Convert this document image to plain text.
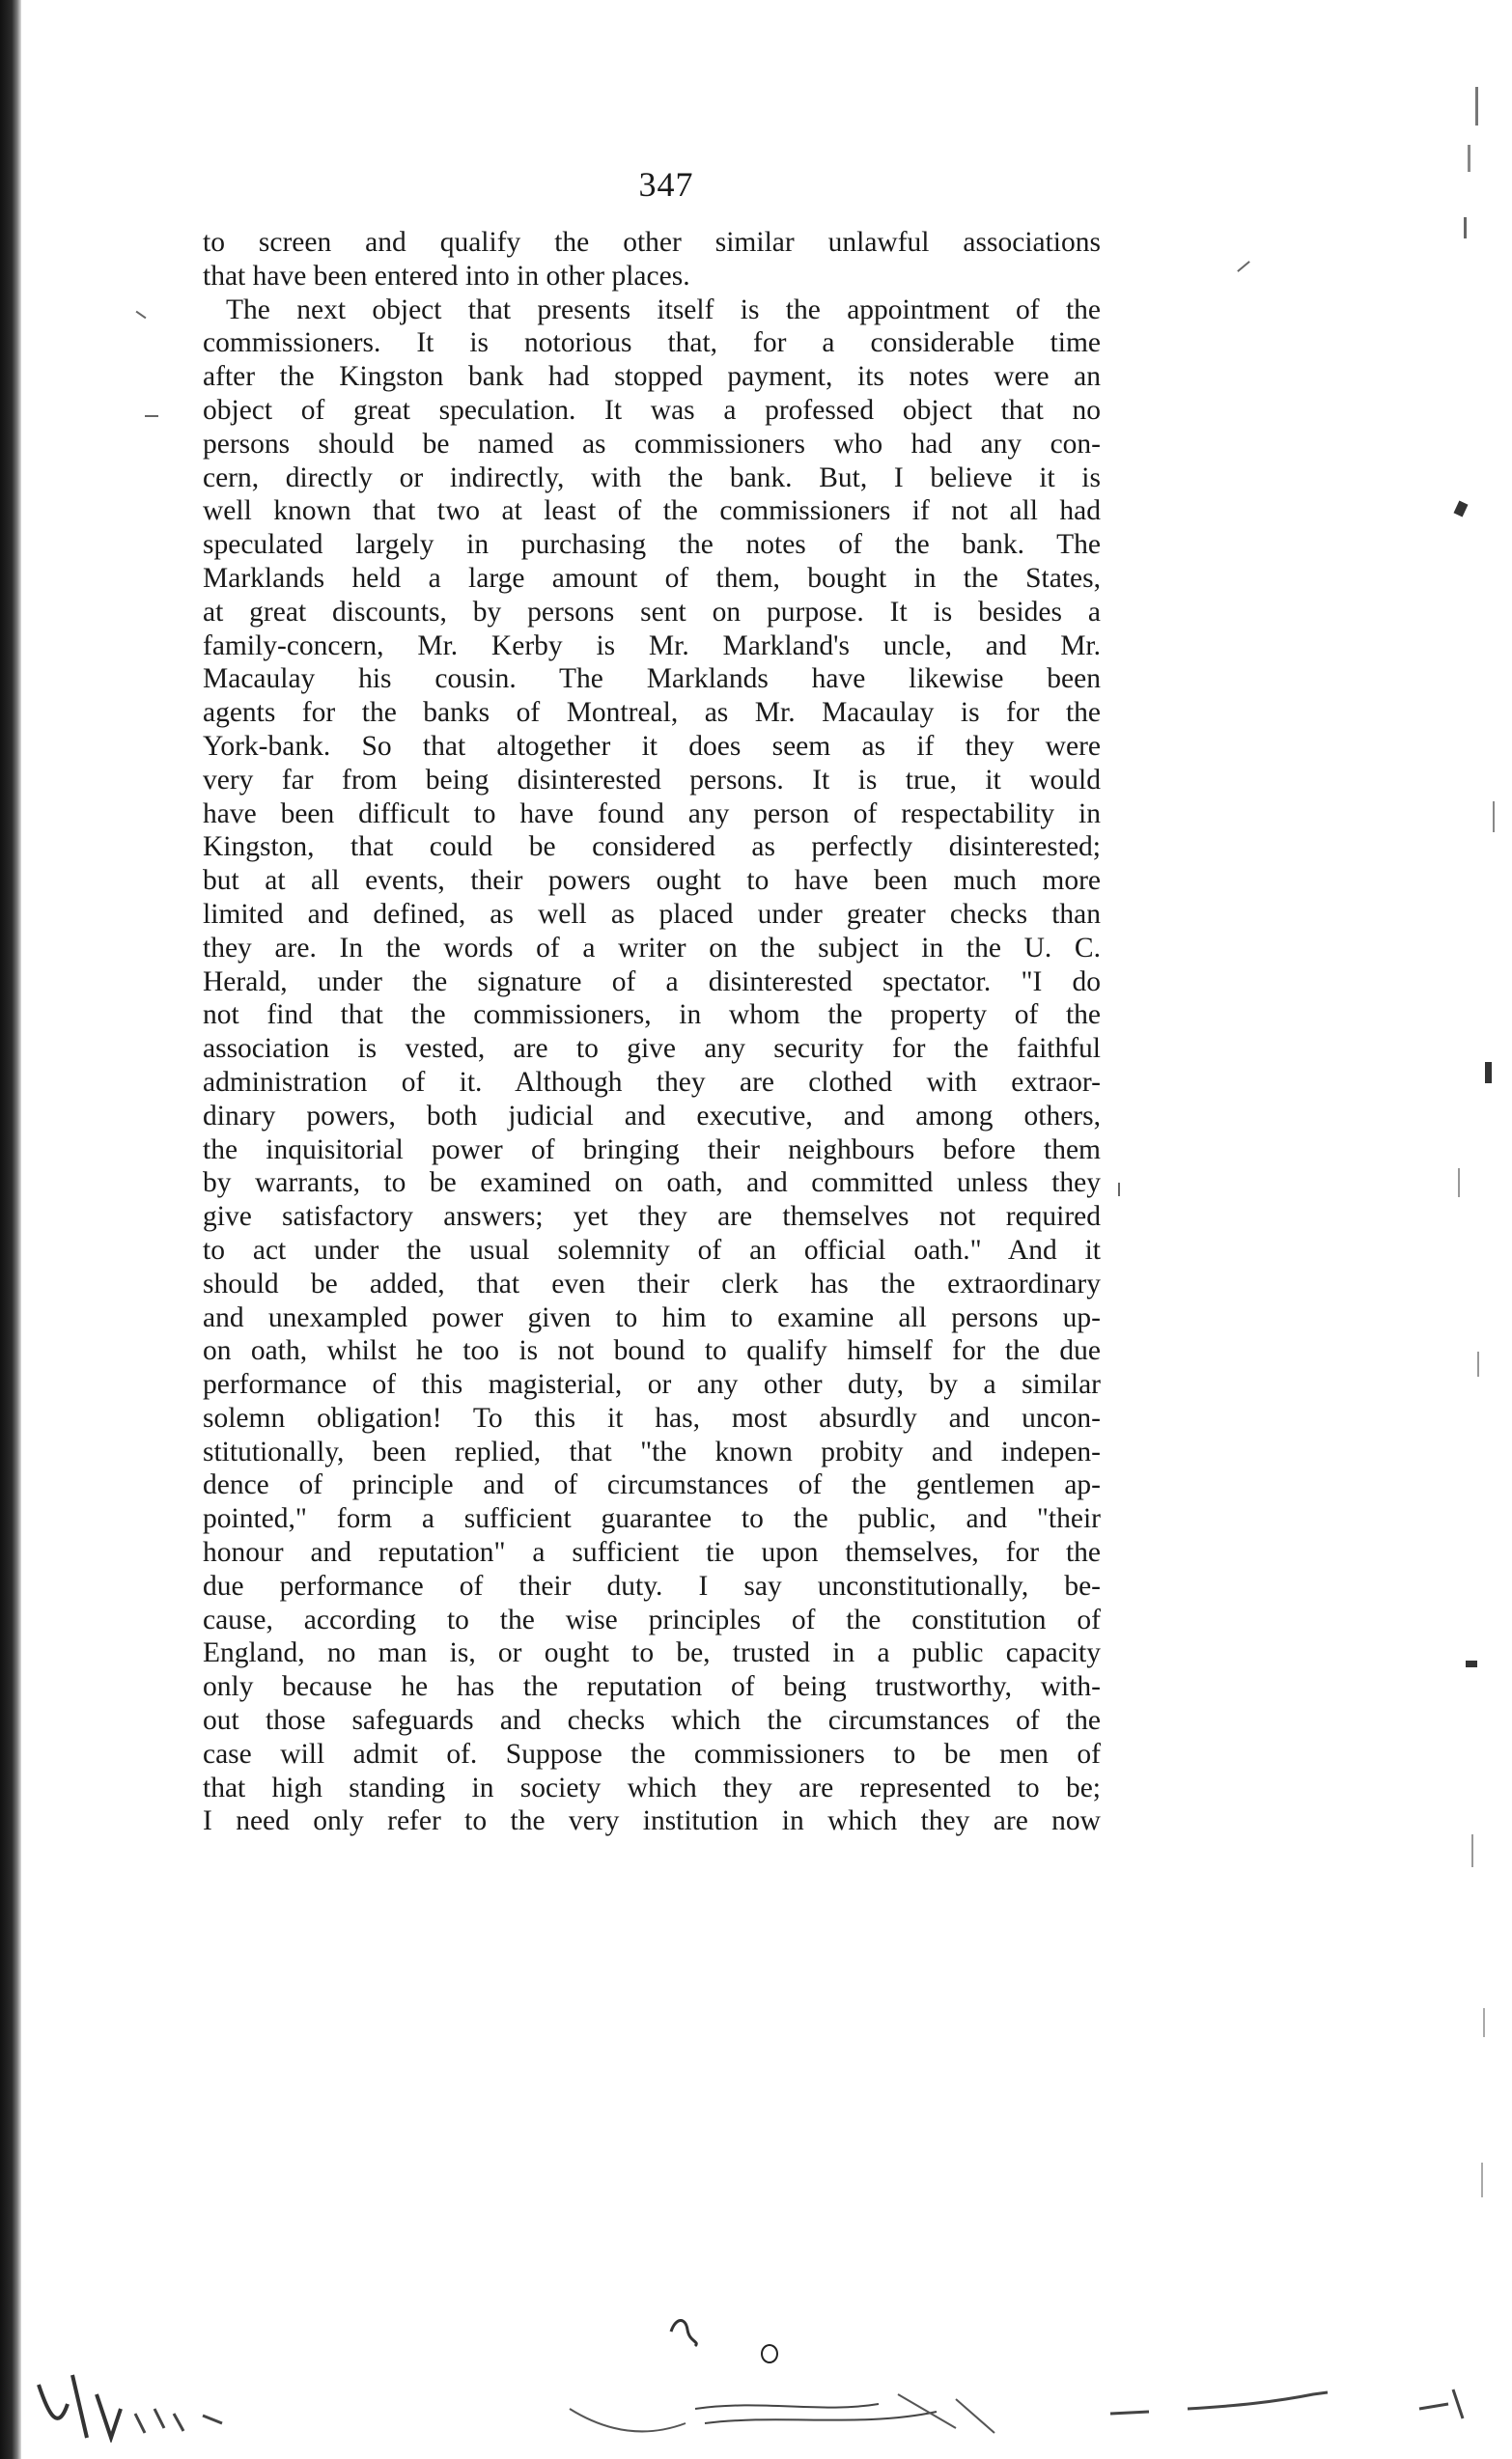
347
to screen and qualify the other similar unlawful associations
that have been entered into in other places.
The next object that presents itself is the appointment of the
commissioners. It is notorious that, for a considerable time
after the Kingston bank had stopped payment, its notes were an
object of great speculation. It was a professed object that no
persons should be named as commissioners who had any con-
cern, directly or indirectly, with the bank. But, I believe it is
well known that two at least of the commissioners if not all had
speculated largely in purchasing the notes of the bank. The
Marklands held a large amount of them, bought in the States,
at great discounts, by persons sent on purpose. It is besides a
family-concern, Mr. Kerby is Mr. Markland's uncle, and Mr.
Macaulay his cousin. The Marklands have likewise been
agents for the banks of Montreal, as Mr. Macaulay is for the
York-bank. So that altogether it does seem as if they were
very far from being disinterested persons. It is true, it would
have been difficult to have found any person of respectability in
Kingston, that could be considered as perfectly disinterested;
but at all events, their powers ought to have been much more
limited and defined, as well as placed under greater checks than
they are. In the words of a writer on the subject in the U. C.
Herald, under the signature of a disinterested spectator. "I do
not find that the commissioners, in whom the property of the
association is vested, are to give any security for the faithful
administration of it. Although they are clothed with extraor-
dinary powers, both judicial and executive, and among others,
the inquisitorial power of bringing their neighbours before them
by warrants, to be examined on oath, and committed unless they
give satisfactory answers; yet they are themselves not required
to act under the usual solemnity of an official oath." And it
should be added, that even their clerk has the extraordinary
and unexampled power given to him to examine all persons up-
on oath, whilst he too is not bound to qualify himself for the due
performance of this magisterial, or any other duty, by a similar
solemn obligation! To this it has, most absurdly and uncon-
stitutionally, been replied, that "the known probity and indepen-
dence of principle and of circumstances of the gentlemen ap-
pointed," form a sufficient guarantee to the public, and "their
honour and reputation" a sufficient tie upon themselves, for the
due performance of their duty. I say unconstitutionally, be-
cause, according to the wise principles of the constitution of
England, no man is, or ought to be, trusted in a public capacity
only because he has the reputation of being trustworthy, with-
out those safeguards and checks which the circumstances of the
case will admit of. Suppose the commissioners to be men of
that high standing in society which they are represented to be;
I need only refer to the very institution in which they are now
